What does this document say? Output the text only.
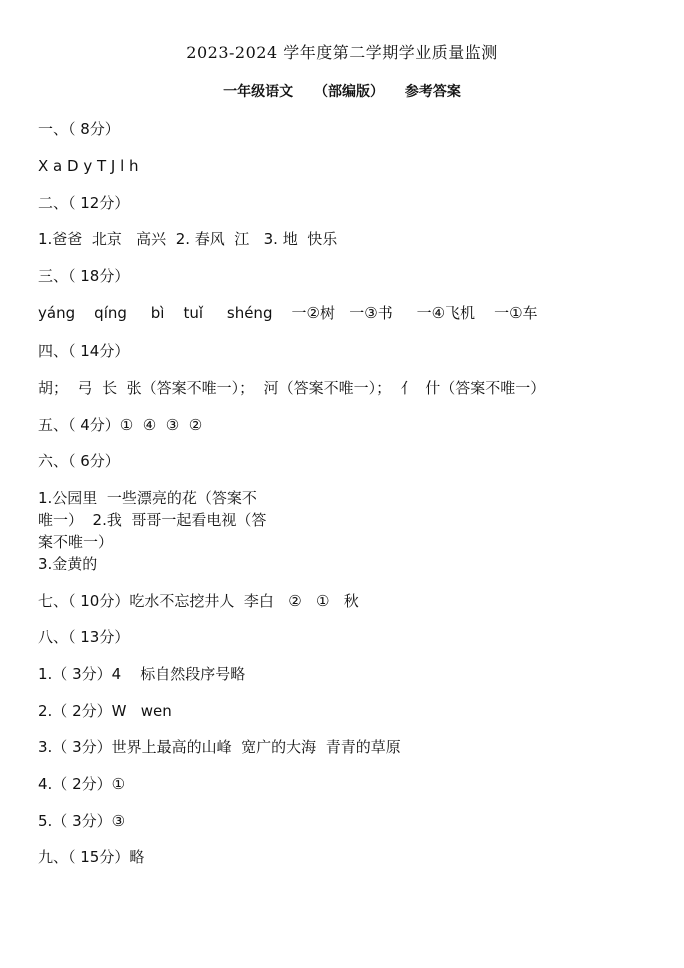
2023-2024 学年度第二学期学业质量监测
一年级语文 （部编版） 参考答案
一、（ 8分）
X a D y T J l h
二、（ 12分）
1.爸爸  北京   高兴  2. 春风  江   3. 地  快乐
三、（ 18分）
yáng    qíng     bì    tuǐ     shéng    一②树   一③书     一④飞机    一①车
四、（ 14分）
胡；  弓  长  张（答案不唯一）；  河（答案不唯一）；  亻  什（答案不唯一）
五、（ 4分）①  ④  ③  ②
六、（ 6分）
1.公园里  一些漂亮的花（答案不
唯一）  2.我  哥哥一起看电视（答
案不唯一）
3.金黄的
七、（ 10分）吃水不忘挖井人  李白   ②   ①   秋
八、（ 13分）
1.（ 3分）4    标自然段序号略
2.（ 2分）W   wen
3.（ 3分）世界上最高的山峰  宽广的大海  青青的草原
4.（ 2分）①
5.（ 3分）③
九、（ 15分）略
